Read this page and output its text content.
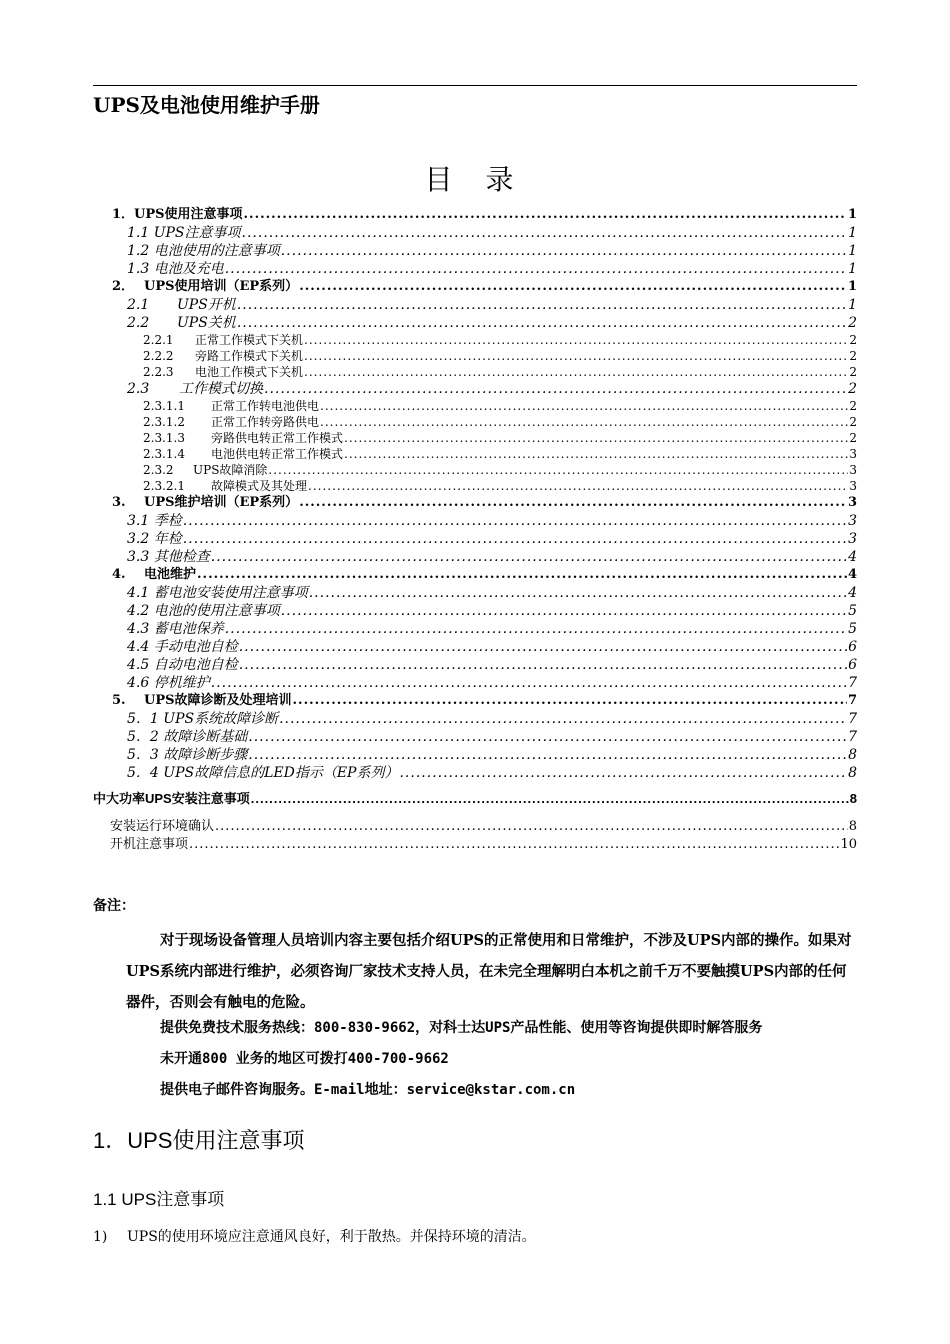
UPS及电池使用维护手册
目 录
1． UPS使用注意事项 .....	1
1.1 UPS注意事项 .....	1
1.2 电池使用的注意事项 .....	1
1.3 电池及充电 .....	1
2． UPS使用培训（EP系列） .....	1
2.1	UPS开机 .....	1
2.2	UPS关机 .....	2
2.2.1	正常工作模式下关机 .....	2
2.2.2	旁路工作模式下关机 .....	2
2.2.3	电池工作模式下关机 .....	2
2.3	工作模式切换 .....	2
2.3.1.1	正常工作转电池供电 .....	2
2.3.1.2	正常工作转旁路供电 .....	2
2.3.1.3	旁路供电转正常工作模式 .....	2
2.3.1.4	电池供电转正常工作模式 .....	3
2.3.2	UPS故障消除 .....	3
2.3.2.1	故障模式及其处理 .....	3
3.	UPS维护培训（EP系列） .....	3
3.1 季检 .....	3
3.2 年检 .....	3
3.3 其他检查 .....	4
4.	电池维护 .....	4
4.1 蓄电池安装使用注意事项 .....	4
4.2 电池的使用注意事项 .....	5
4.3 蓄电池保养 .....	5
4.4 手动电池自检 .....	6
4.5 自动电池自检 .....	6
4.6 停机维护 .....	7
5.	UPS故障诊断及处理培训 .....	7
5．1 UPS系统故障诊断 .....	7
5．2 故障诊断基础 .....	7
5．3 故障诊断步骤 .....	8
5．4 UPS故障信息的LED指示（EP系列） .....	8
中大功率UPS安装注意事项 .....	8
安装运行环境确认 .....	8
开机注意事项 .....	10
备注：
对于现场设备管理人员培训内容主要包括介绍UPS的正常使用和日常维护，不涉及UPS内部的操作。如果对UPS系统内部进行维护，必须咨询厂家技术支持人员，在未完全理解明白本机之前千万不要触摸UPS内部的任何器件，否则会有触电的危险。
提供免费技术服务热线：800-830-9662，对科士达UPS产品性能、使用等咨询提供即时解答服务
未开通800 业务的地区可拨打400-700-9662
提供电子邮件咨询服务。E-mail地址：service@kstar.com.cn
1．UPS使用注意事项
1.1 UPS注意事项
1) UPS的使用环境应注意通风良好，利于散热。并保持环境的清洁。
